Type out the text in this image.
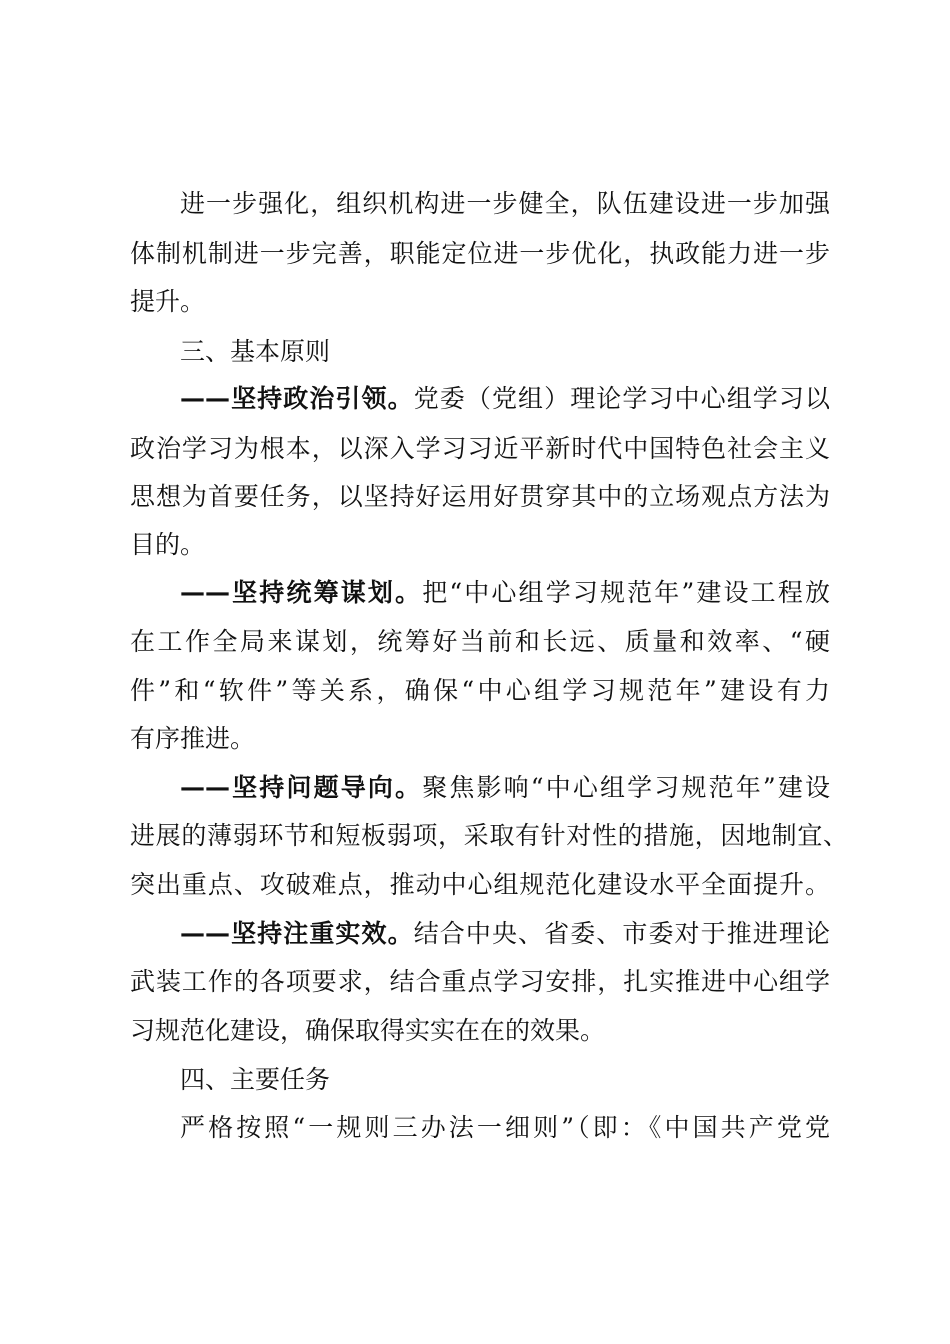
进一步强化，组织机构进一步健全，队伍建设进一步加强
体制机制进一步完善，职能定位进一步优化，执政能力进一步
提升。
三、基本原则
——坚持政治引领。党委（党组）理论学习中心组学习以
政治学习为根本，以深入学习习近平新时代中国特色社会主义
思想为首要任务，以坚持好运用好贯穿其中的立场观点方法为
目的。
——坚持统筹谋划。把“中心组学习规范年”建设工程放
在工作全局来谋划，统筹好当前和长远、质量和效率、“硬
件”和“软件”等关系，确保“中心组学习规范年”建设有力
有序推进。
——坚持问题导向。聚焦影响“中心组学习规范年”建设
进展的薄弱环节和短板弱项，采取有针对性的措施，因地制宜、
突出重点、攻破难点，推动中心组规范化建设水平全面提升。
——坚持注重实效。结合中央、省委、市委对于推进理论
武装工作的各项要求，结合重点学习安排，扎实推进中心组学
习规范化建设，确保取得实实在在的效果。
四、主要任务
严格按照“一规则三办法一细则”（即：《中国共产党党
